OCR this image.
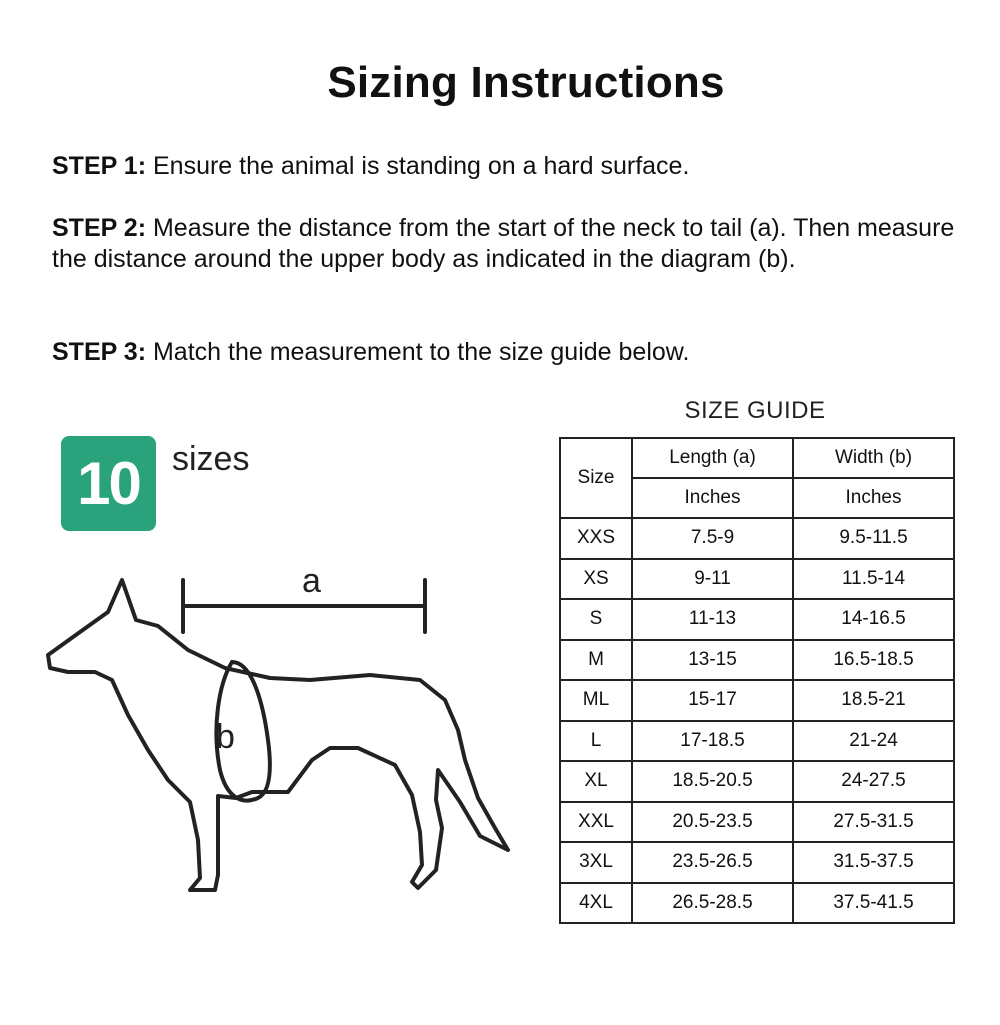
Sizing Instructions

STEP 1: Ensure the animal is standing on a hard surface.

STEP 2: Measure the distance from the start of the neck to tail (a). Then measure the distance around the upper body as indicated in the diagram (b).

STEP 3: Match the measurement to the size guide below.

10 sizes
a
b
SIZE GUIDE
Size	Length (a)	Width (b)
	Inches	Inches
XXS	7.5-9	9.5-11.5
XS	9-11	11.5-14
S	11-13	14-16.5
M	13-15	16.5-18.5
ML	15-17	18.5-21
L	17-18.5	21-24
XL	18.5-20.5	24-27.5
XXL	20.5-23.5	27.5-31.5
3XL	23.5-26.5	31.5-37.5
4XL	26.5-28.5	37.5-41.5
